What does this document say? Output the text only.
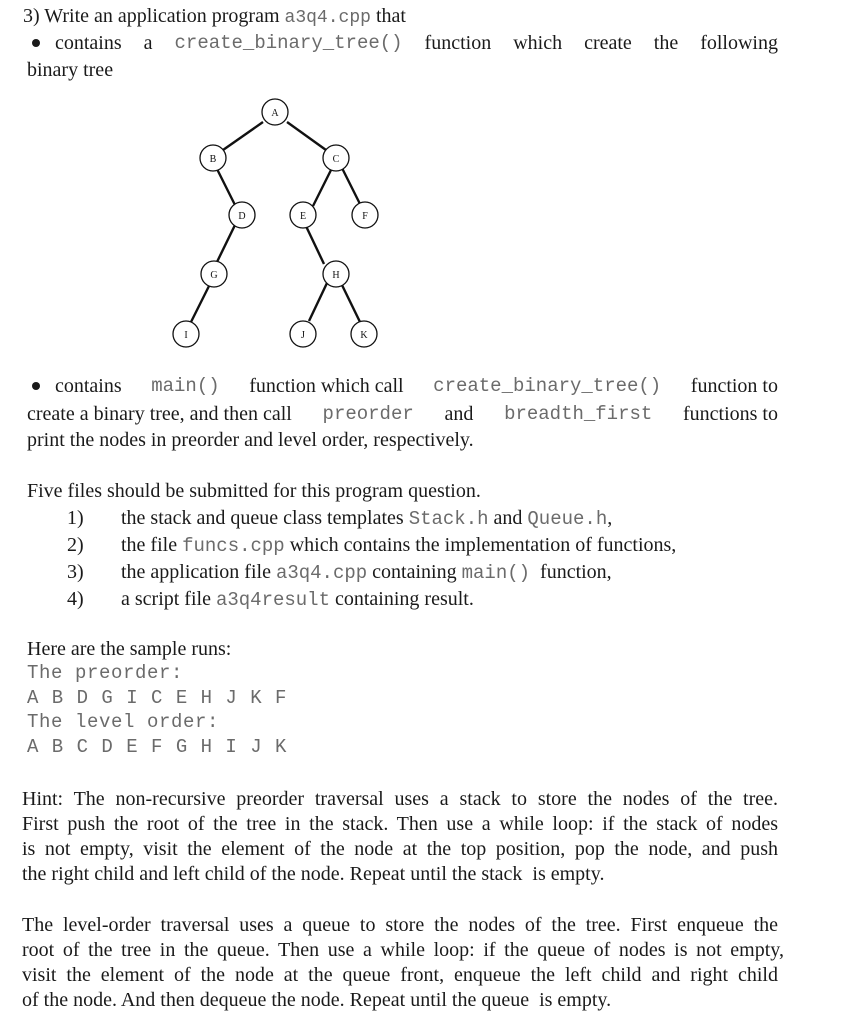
3) Write an application program a3q4.cpp that
contains a create_binary_tree() function which create the following
binary tree
A
B	C
D	E	F
G	H
I	J	K
contains main() function which call create_binary_tree() function to
create a binary tree, and then call preorder and breadth_first functions to
print the nodes in preorder and level order, respectively.
Five files should be submitted for this program question.
1) the stack and queue class templates Stack.h and Queue.h,
2) the file funcs.cpp which contains the implementation of functions,
3) the application file a3q4.cpp containing main()  function,
4) a script file a3q4result containing result.
Here are the sample runs:
The preorder:
A B D G I C E H J K F
The level order:
A B C D E F G H I J K
Hint: The non-recursive preorder traversal uses a stack to store the nodes of the tree.
First push the root of the tree in the stack. Then use a while loop: if the stack of nodes
is not empty, visit the element of the node at the top position, pop the node, and push
the right child and left child of the node. Repeat until the stack  is empty.
The level-order traversal uses a queue to store the nodes of the tree. First enqueue the
root of the tree in the queue. Then use a while loop: if the queue of nodes is not empty,
visit the element of the node at the queue front, enqueue the left child and right child
of the node. And then dequeue the node. Repeat until the queue  is empty.
